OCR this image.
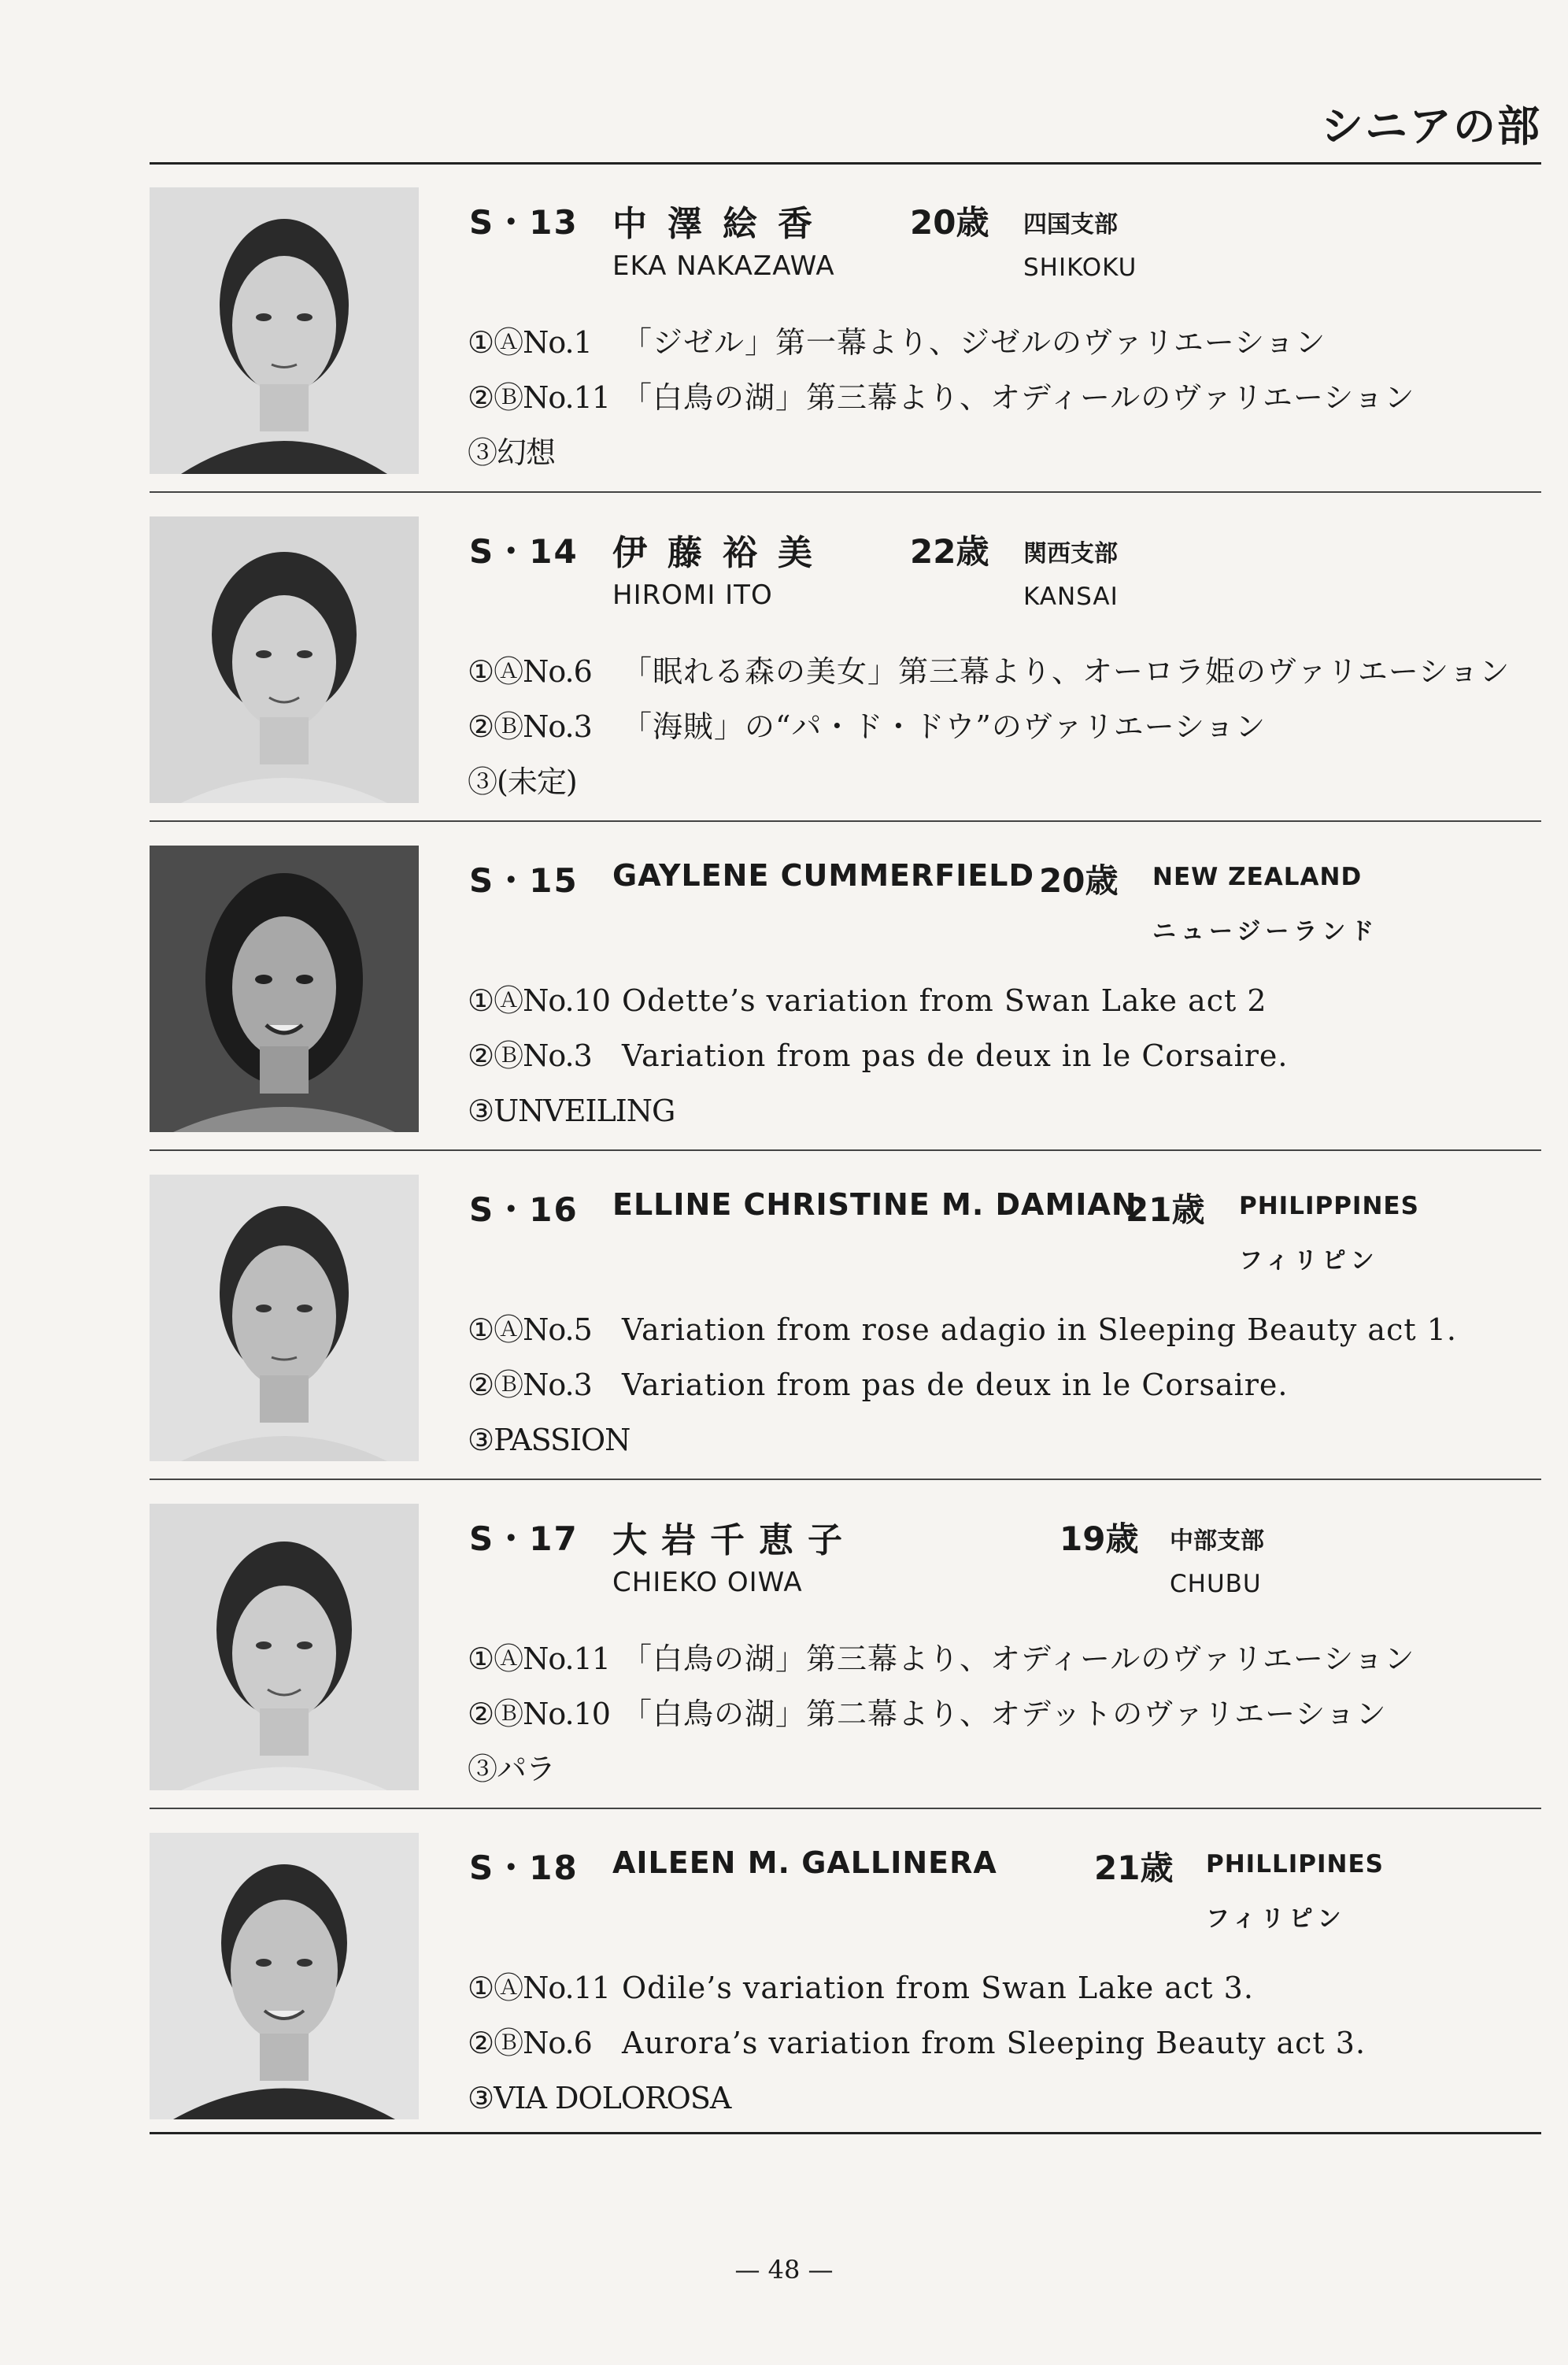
シニアの部
S・13 中澤絵香 20歳 四国支部
EKA NAKAZAWA	SHIKOKU
①ⒶNo.1 「ジゼル」第一幕より、ジゼルのヴァリエーション
②ⒷNo.11 「白鳥の湖」第三幕より、オディールのヴァリエーション
③幻想
S・14 伊藤裕美 22歳 関西支部
HIROMI ITO	KANSAI
①ⒶNo.6 「眠れる森の美女」第三幕より、オーロラ姫のヴァリエーション
②ⒷNo.3 「海賊」の“パ・ド・ドウ”のヴァリエーション
③(未定)
S・15 GAYLENE CUMMERFIELD 20歳 NEW ZEALAND
ニュージーランド
①ⒶNo.10 Odette’s variation from Swan Lake act 2
②ⒷNo.3 Variation from pas de deux in le Corsaire.
③UNVEILING
S・16 ELLINE CHRISTINE M. DAMIAN
21歳 PHILIPPINES
フィリピン
①ⒶNo.5 Variation from rose adagio in Sleeping Beauty act 1.
②ⒷNo.3 Variation from pas de deux in le Corsaire.
③PASSION
S・17 大岩千恵子	19歳 中部支部
CHIEKO OIWA	CHUBU
①ⒶNo.11 「白鳥の湖」第三幕より、オディールのヴァリエーション
②ⒷNo.10 「白鳥の湖」第二幕より、オデットのヴァリエーション
③パラ
S・18 AILEEN M. GALLINERA	21歳 PHILLIPINES
フィリピン
①ⒶNo.11 Odile’s variation from Swan Lake act 3.
②ⒷNo.6 Aurora’s variation from Sleeping Beauty act 3.
③VIA DOLOROSA
— 48 —
